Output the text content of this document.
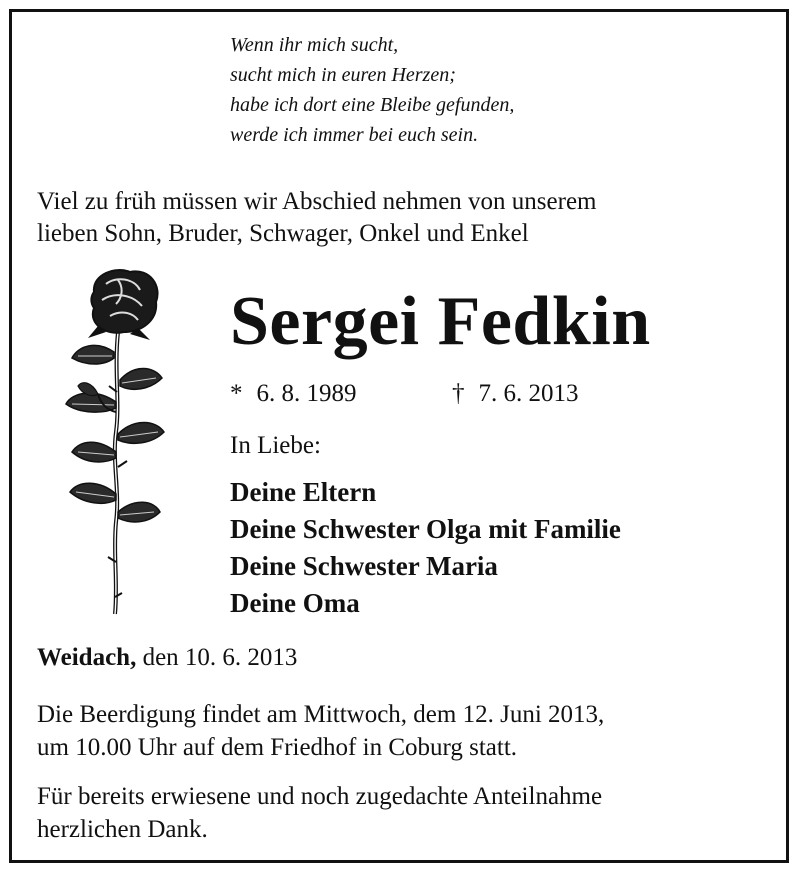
Wenn ihr mich sucht,
sucht mich in euren Herzen;
habe ich dort eine Bleibe gefunden,
werde ich immer bei euch sein.
Viel zu früh müssen wir Abschied nehmen von unserem
lieben Sohn, Bruder, Schwager, Onkel und Enkel
Sergei Fedkin
* 6. 8. 1989	† 7. 6. 2013
In Liebe:
Deine Eltern
Deine Schwester Olga mit Familie
Deine Schwester Maria
Deine Oma
Weidach, den 10. 6. 2013
Die Beerdigung findet am Mittwoch, dem 12. Juni 2013,
um 10.00 Uhr auf dem Friedhof in Coburg statt.
Für bereits erwiesene und noch zugedachte Anteilnahme
herzlichen Dank.
